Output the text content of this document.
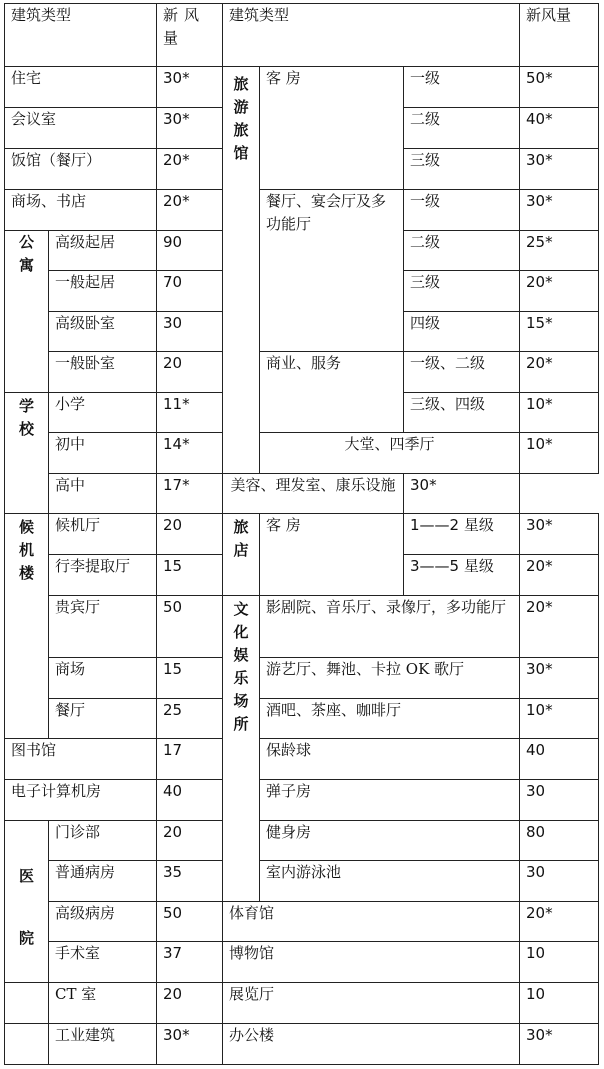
建筑类型		新风量	建筑类型			新风量
住宅		30*	旅游旅馆	客 房	一级	50*
会议室		30*			二级	40*
饭馆（餐厅）		20*			三级	30*
商场、书店		20*		餐厅、宴会厅及多功能厅	一级	30*

公寓	高级起居	90			二级	25*
	一般起居	70			三级	20*
	高级卧室	30			四级	15*
	一般卧室	20		商业、服务	一级、二级	20*

学校	小学	11*			三级、四级	10*
	初中	14*		大堂、四季厅		10*
	高中	17*	美容、理发室、康乐设施		30*	

候机楼	候机厅	20	旅店	客 房	1——2 星级	30*
	行李提取厅	15			3——5 星级	20*
	贵宾厅	50	文化娱乐场所	影剧院、音乐厅、录像厅，多功能厅		20*
	商场	15		游艺厅、舞池、卡拉 OK 歌厅		30*
	餐厅	25		酒吧、茶座、咖啡厅		10*
图书馆		17		保龄球		40
电子计算机房		40		弹子房		30

医院	门诊部	20		健身房		80
	普通病房	35		室内游泳池		30
	高级病房	50	体育馆			20*
	手术室	37	博物馆			10
	CT 室	20	展览厅			10
	工业建筑	30*	办公楼			30*
